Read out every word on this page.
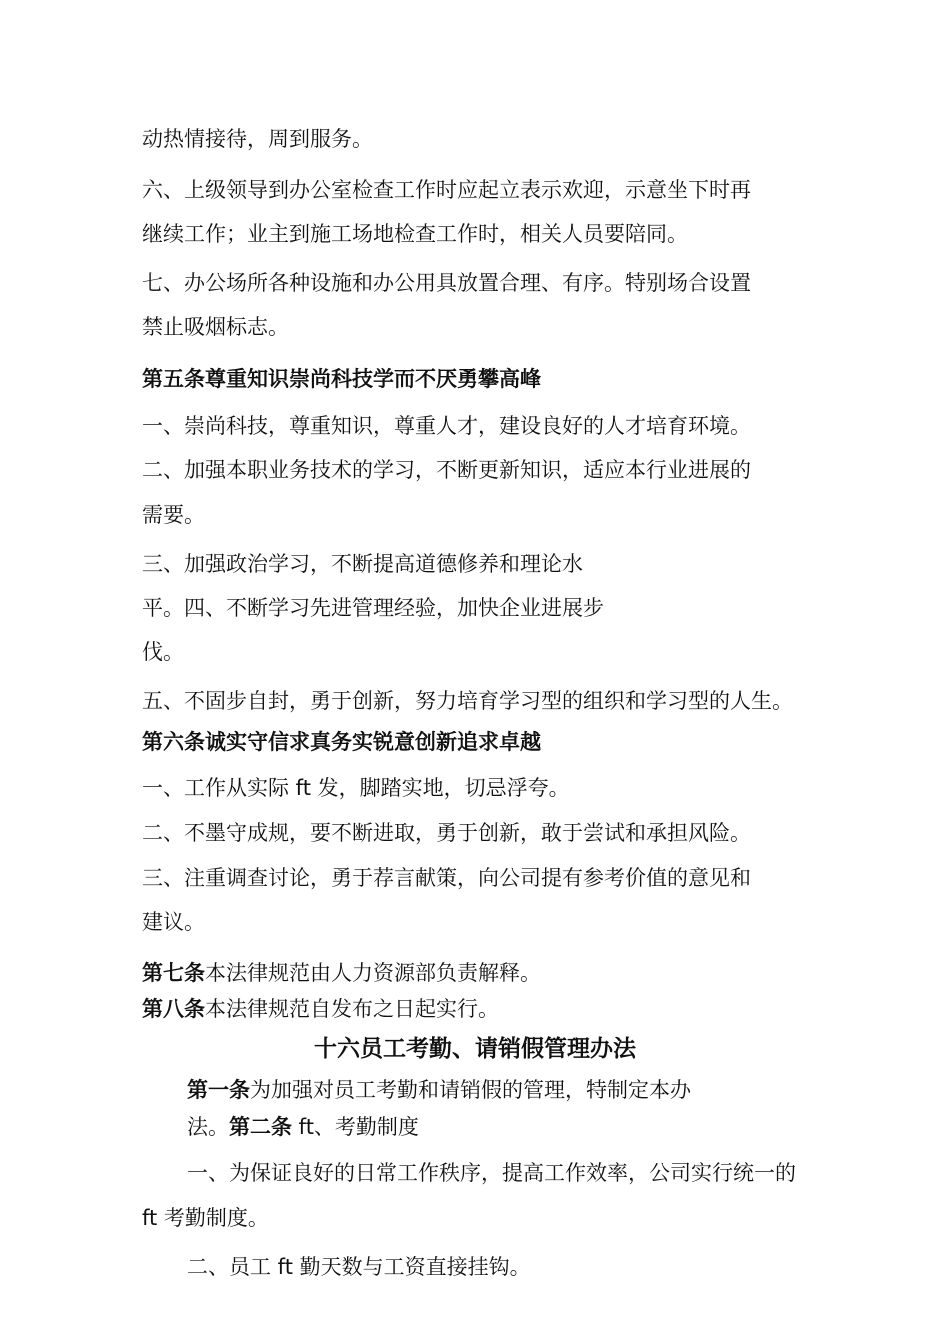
动热情接待，周到服务。
六、上级领导到办公室检查工作时应起立表示欢迎，示意坐下时再
继续工作；业主到施工场地检查工作时，相关人员要陪同。
七、办公场所各种设施和办公用具放置合理、有序。特别场合设置
禁止吸烟标志。
第五条尊重知识崇尚科技学而不厌勇攀高峰
一、崇尚科技，尊重知识，尊重人才，建设良好的人才培育环境。
二、加强本职业务技术的学习，不断更新知识，适应本行业进展的
需要。
三、加强政治学习，不断提高道德修养和理论水
平。四、不断学习先进管理经验，加快企业进展步
伐。
五、不固步自封，勇于创新，努力培育学习型的组织和学习型的人生。
第六条诚实守信求真务实锐意创新追求卓越
一、工作从实际 ft 发，脚踏实地，切忌浮夸。
二、不墨守成规，要不断进取，勇于创新，敢于尝试和承担风险。
三、注重调查讨论，勇于荐言献策，向公司提有参考价值的意见和
建议。
第七条本法律规范由人力资源部负责解释。
第八条本法律规范自发布之日起实行。
十六员工考勤、请销假管理办法
第一条为加强对员工考勤和请销假的管理，特制定本办
法。第二条 ft、考勤制度
一、为保证良好的日常工作秩序，提高工作效率，公司实行统一的
ft 考勤制度。
二、员工 ft 勤天数与工资直接挂钩。
